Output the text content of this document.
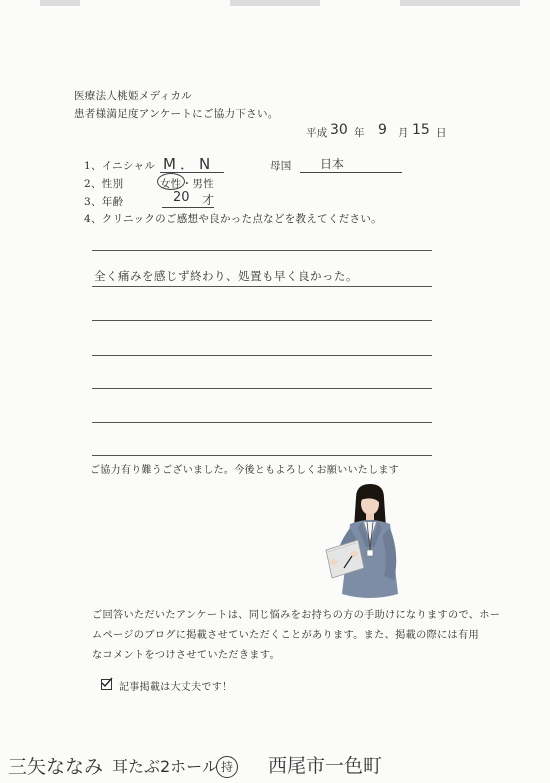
医療法人桃姫メディカル
患者様満足度アンケートにご協力下さい。
平成 30 年 9 月 15 日
1、イニシャル M．N	母国 日本
2、性別	女性・男性
3、年齢	20 才
4、クリニックのご感想や良かった点などを教えてください。
全く痛みを感じず終わり、処置も早く良かった。
ご協力有り難うございました。今後ともよろしくお願いいたします
ご回答いただいたアンケートは、同じ悩みをお持ちの方の手助けになりますので、ホー
ムページのブログに掲載させていただくことがあります。また、掲載の際には有用
なコメントをつけさせていただきます。
記事掲載は大丈夫です！
三矢ななみ 耳たぶ2ホール 持 西尾市一色町
